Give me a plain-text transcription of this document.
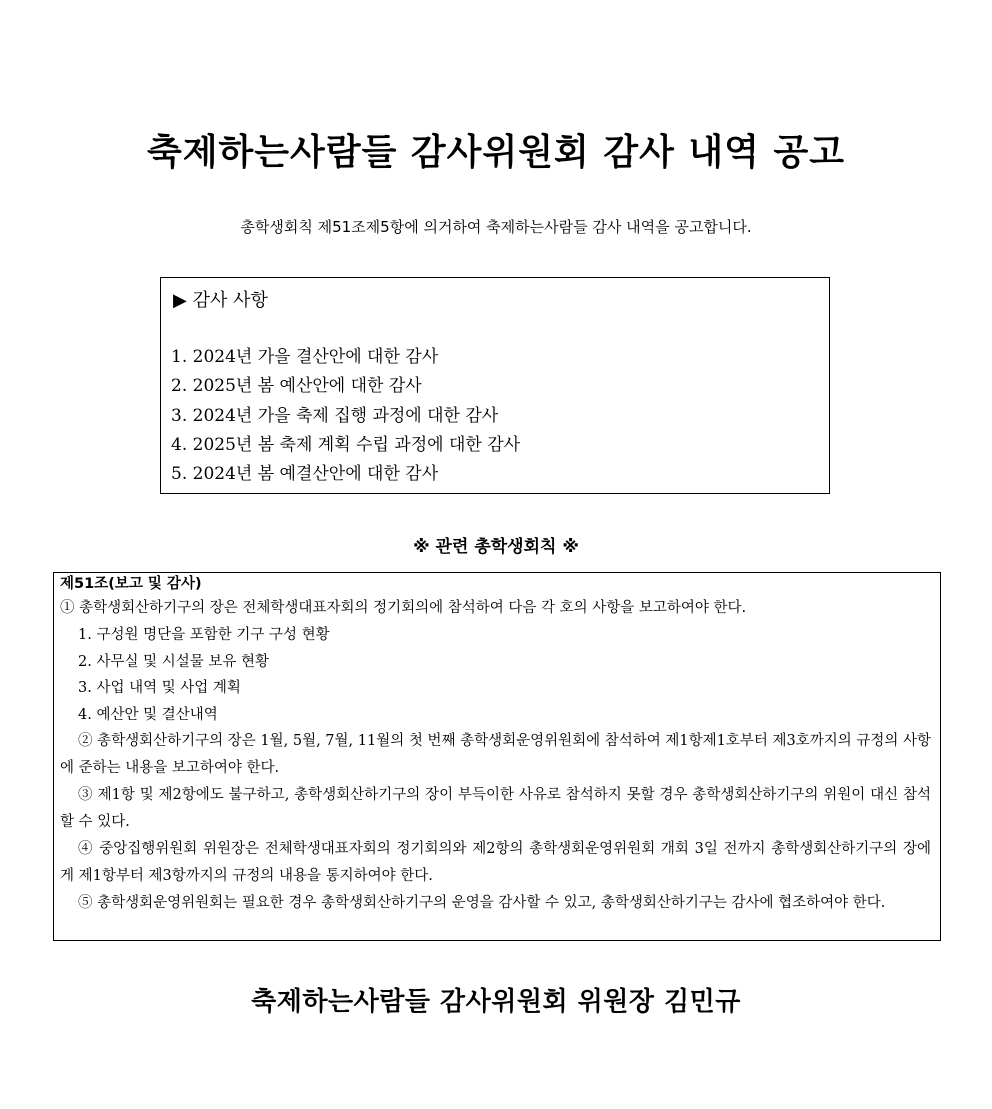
축제하는사람들 감사위원회 감사 내역 공고
총학생회칙 제51조제5항에 의거하여 축제하는사람들 감사 내역을 공고합니다.
▶ 감사 사항
1. 2024년 가을 결산안에 대한 감사
2. 2025년 봄 예산안에 대한 감사
3. 2024년 가을 축제 집행 과정에 대한 감사
4. 2025년 봄 축제 계획 수립 과정에 대한 감사
5. 2024년 봄 예결산안에 대한 감사
※ 관련 총학생회칙 ※
제51조(보고 및 감사)
① 총학생회산하기구의 장은 전체학생대표자회의 정기회의에 참석하여 다음 각 호의 사항을 보고하여야 한다.
1. 구성원 명단을 포함한 기구 구성 현황
2. 사무실 및 시설물 보유 현황
3. 사업 내역 및 사업 계획
4. 예산안 및 결산내역
② 총학생회산하기구의 장은 1월, 5월, 7월, 11월의 첫 번째 총학생회운영위원회에 참석하여 제1항제1호부터 제3호까지의 규정의 사항에 준하는 내용을 보고하여야 한다.
③ 제1항 및 제2항에도 불구하고, 총학생회산하기구의 장이 부득이한 사유로 참석하지 못할 경우 총학생회산하기구의 위원이 대신 참석할 수 있다.
④ 중앙집행위원회 위원장은 전체학생대표자회의 정기회의와 제2항의 총학생회운영위원회 개회 3일 전까지 총학생회산하기구의 장에게 제1항부터 제3항까지의 규정의 내용을 통지하여야 한다.
⑤ 총학생회운영위원회는 필요한 경우 총학생회산하기구의 운영을 감사할 수 있고, 총학생회산하기구는 감사에 협조하여야 한다.
축제하는사람들 감사위원회 위원장 김민규
